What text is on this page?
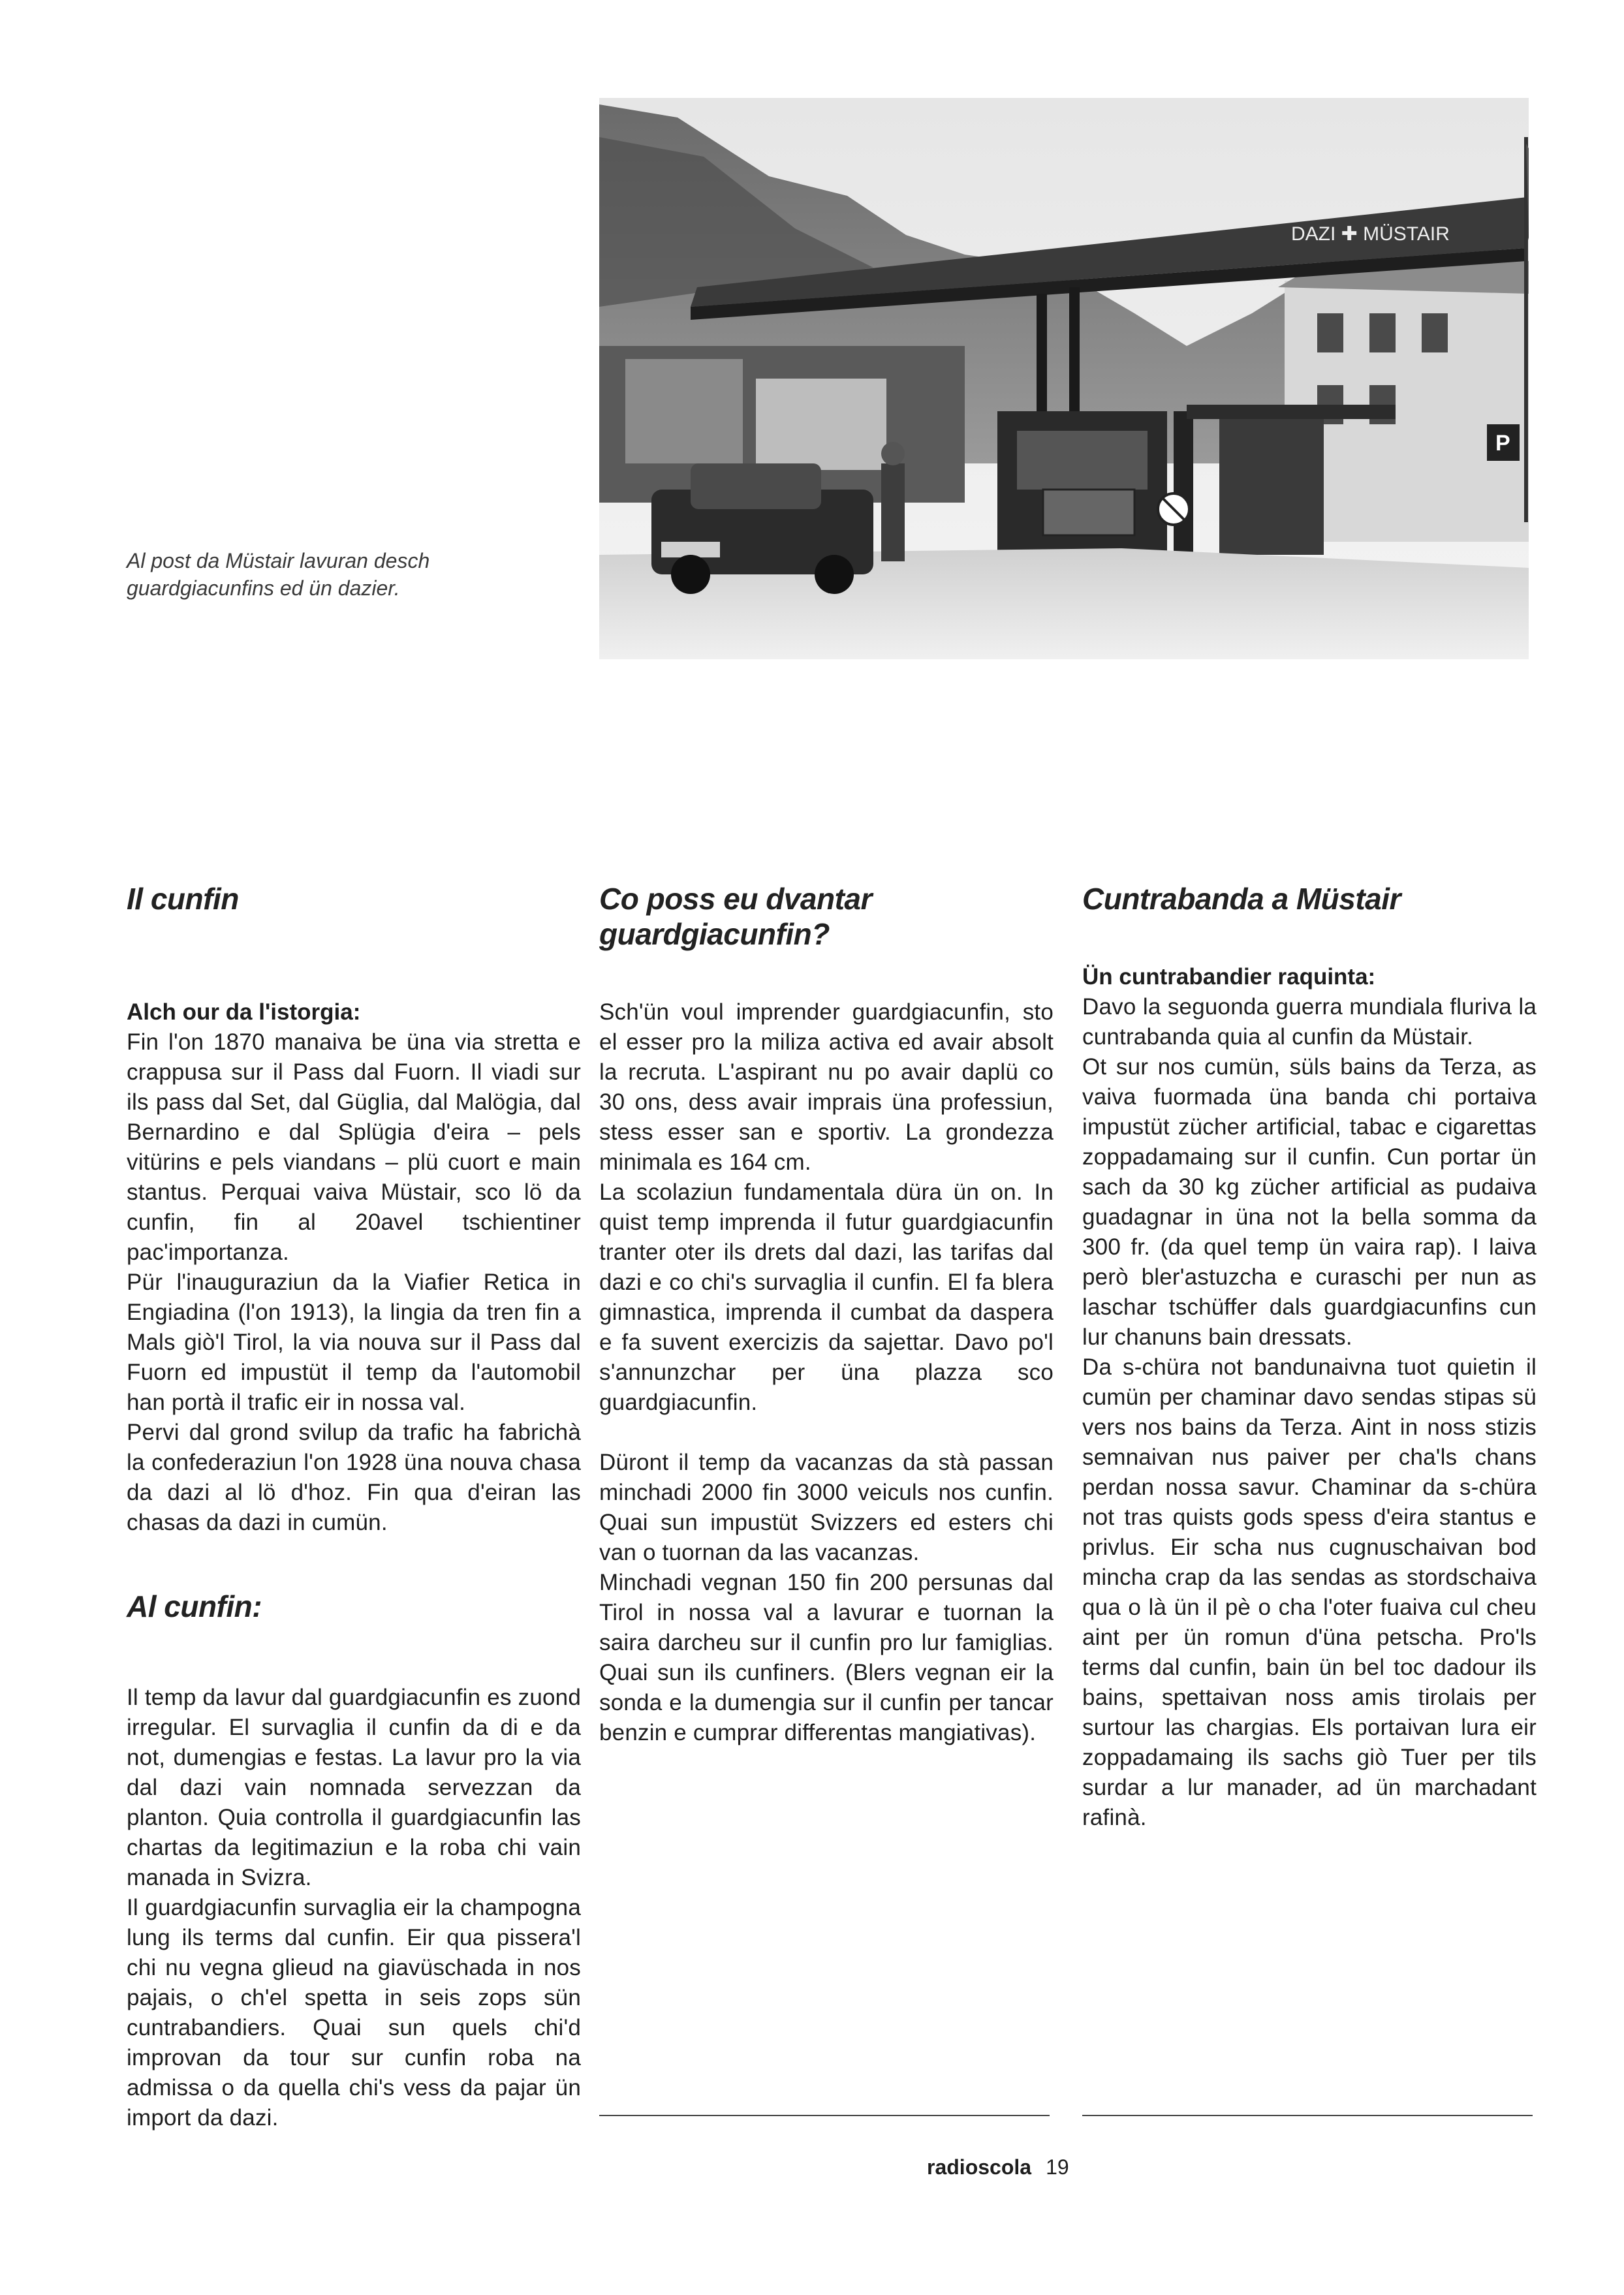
Al post da Müstair lavuran desch guardgiacunfins ed ün dazier.
DAZI ✚ MÜSTAIR
P
Il cunfin
Alch our da l'istorgia:

Fin l'on 1870 manaiva be üna via stretta e crappusa sur il Pass dal Fuorn. Il viadi sur ils pass dal Set, dal Güglia, dal Malögia, dal Bernardino e dal Splügia d'eira – pels vitürins e pels viandans – plü cuort e main stantus. Perquai vaiva Müstair, sco lö da cunfin, fin al 20avel tschientiner pac'importanza.

Pür l'inauguraziun da la Viafier Retica in Engiadina (l'on 1913), la lingia da tren fin a Mals giò'l Tirol, la via nouva sur il Pass dal Fuorn ed impustüt il temp da l'automobil han portà il trafic eir in nossa val.

Pervi dal grond svilup da trafic ha fabrichà la confederaziun l'on 1928 üna nouva chasa da dazi al lö d'hoz. Fin qua d'eiran las chasas da dazi in cumün.

Al cunfin:

Il temp da lavur dal guardgiacunfin es zuond irregular. El survaglia il cunfin da di e da not, dumengias e festas. La lavur pro la via dal dazi vain nomnada servezzan da planton. Quia controlla il guardgiacunfin las chartas da legitimaziun e la roba chi vain manada in Svizra.

Il guardgiacunfin survaglia eir la champogna lung ils terms dal cunfin. Eir qua pissera'l chi nu vegna glieud na giavüschada in nos pajais, o ch'el spetta in seis zops sün cuntrabandiers. Quai sun quels chi'd improvan da tour sur cunfin roba na admissa o da quella chi's vess da pajar ün import da dazi.

Co poss eu dvantar guardgiacunfin?

Sch'ün voul imprender guardgiacunfin, sto el esser pro la miliza activa ed avair absolt la recruta. L'aspirant nu po avair daplü co 30 ons, dess avair imprais üna professiun, stess esser san e sportiv. La grondezza minimala es 164 cm.

La scolaziun fundamentala düra ün on. In quist temp imprenda il futur guardgiacunfin tranter oter ils drets dal dazi, las tarifas dal dazi e co chi's survaglia il cunfin. El fa blera gimnastica, imprenda il cumbat da daspera e fa suvent exercizis da sajettar. Davo po'l s'annunzchar per üna plazza sco guardgiacunfin.

Düront il temp da vacanzas da stà passan minchadi 2000 fin 3000 veiculs nos cunfin. Quai sun impustüt Svizzers ed esters chi van o tuornan da las vacanzas.

Minchadi vegnan 150 fin 200 persunas dal Tirol in nossa val a lavurar e tuornan la saira darcheu sur il cunfin pro lur famiglias. Quai sun ils cunfiners. (Blers vegnan eir la sonda e la dumengia sur il cunfin per tancar benzin e cumprar differentas mangiativas).

Cuntrabanda a Müstair
Ün cuntrabandier raquinta:

Davo la seguonda guerra mundiala fluriva la cuntrabanda quia al cunfin da Müstair.

Ot sur nos cumün, süls bains da Terza, as vaiva fuormada üna banda chi portaiva impustüt zücher artificial, tabac e cigarettas zoppadamaing sur il cunfin. Cun portar ün sach da 30 kg zücher artificial as pudaiva guadagnar in üna not la bella somma da 300 fr. (da quel temp ün vaira rap). I laiva però bler'astuzcha e curaschi per nun as laschar tschüffer dals guardgiacunfins cun lur chanuns bain dressats.

Da s-chüra not bandunaivna tuot quietin il cumün per chaminar davo sendas stipas sü vers nos bains da Terza. Aint in noss stizis semnaivan nus paiver per cha'ls chans perdan nossa savur. Chaminar da s-chüra not tras quists gods spess d'eira stantus e privlus. Eir scha nus cugnuschaivan bod mincha crap da las sendas as stordschaiva qua o là ün il pè o cha l'oter fuaiva cul cheu aint per ün romun d'üna petscha. Pro'ls terms dal cunfin, bain ün bel toc dadour ils bains, spettaivan noss amis tirolais per surtour las chargias. Els portaivan lura eir zoppadamaing ils sachs giò Tuer per tils surdar a lur manader, ad ün marchadant rafinà.

radioscola 19
